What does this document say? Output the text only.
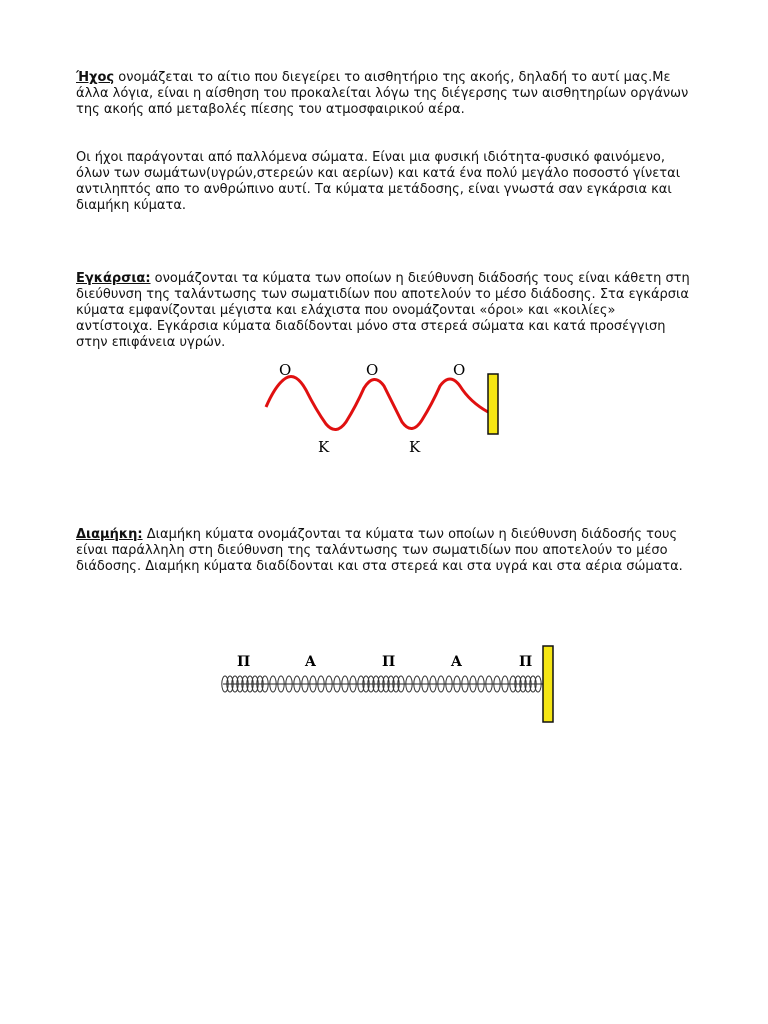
Ήχος ονομάζεται το αίτιο που διεγείρει το αισθητήριο της ακοής, δηλαδή το αυτί μας.Με άλλα λόγια, είναι η αίσθηση του προκαλείται λόγω της διέγερσης των αισθητηρίων οργάνων της ακοής από μεταβολές πίεσης του ατμοσφαιρικού αέρα.

Οι ήχοι παράγονται από παλλόμενα σώματα. Είναι μια φυσική ιδιότητα-φυσικό φαινόμενο, όλων των σωμάτων(υγρών,στερεών και αερίων) και κατά ένα πολύ μεγάλο ποσοστό γίνεται αντιληπτός απο το ανθρώπινο αυτί. Τα κύματα μετάδοσης, είναι γνωστά σαν εγκάρσια και διαμήκη κύματα.

Εγκάρσια: ονομάζονται τα κύματα των οποίων η διεύθυνση διάδοσής τους είναι κάθετη στη διεύθυνση της ταλάντωσης των σωματιδίων που αποτελούν το μέσο διάδοσης. Στα εγκάρσια κύματα εμφανίζονται μέγιστα και ελάχιστα που ονομάζονται «όροι» και «κοιλίες» αντίστοιχα. Εγκάρσια κύματα διαδίδονται μόνο στα στερεά σώματα και κατά προσέγγιση στην επιφάνεια υγρών.

Ο	Ο	Ο
Κ	Κ

Διαμήκη: Διαμήκη κύματα ονομάζονται τα κύματα των οποίων η διεύθυνση διάδοσής τους είναι παράλληλη στη διεύθυνση της ταλάντωσης των σωματιδίων που αποτελούν το μέσο διάδοσης. Διαμήκη κύματα διαδίδονται και στα στερεά και στα υγρά και στα αέρια σώματα.

Π	Α	Π	Α	Π
